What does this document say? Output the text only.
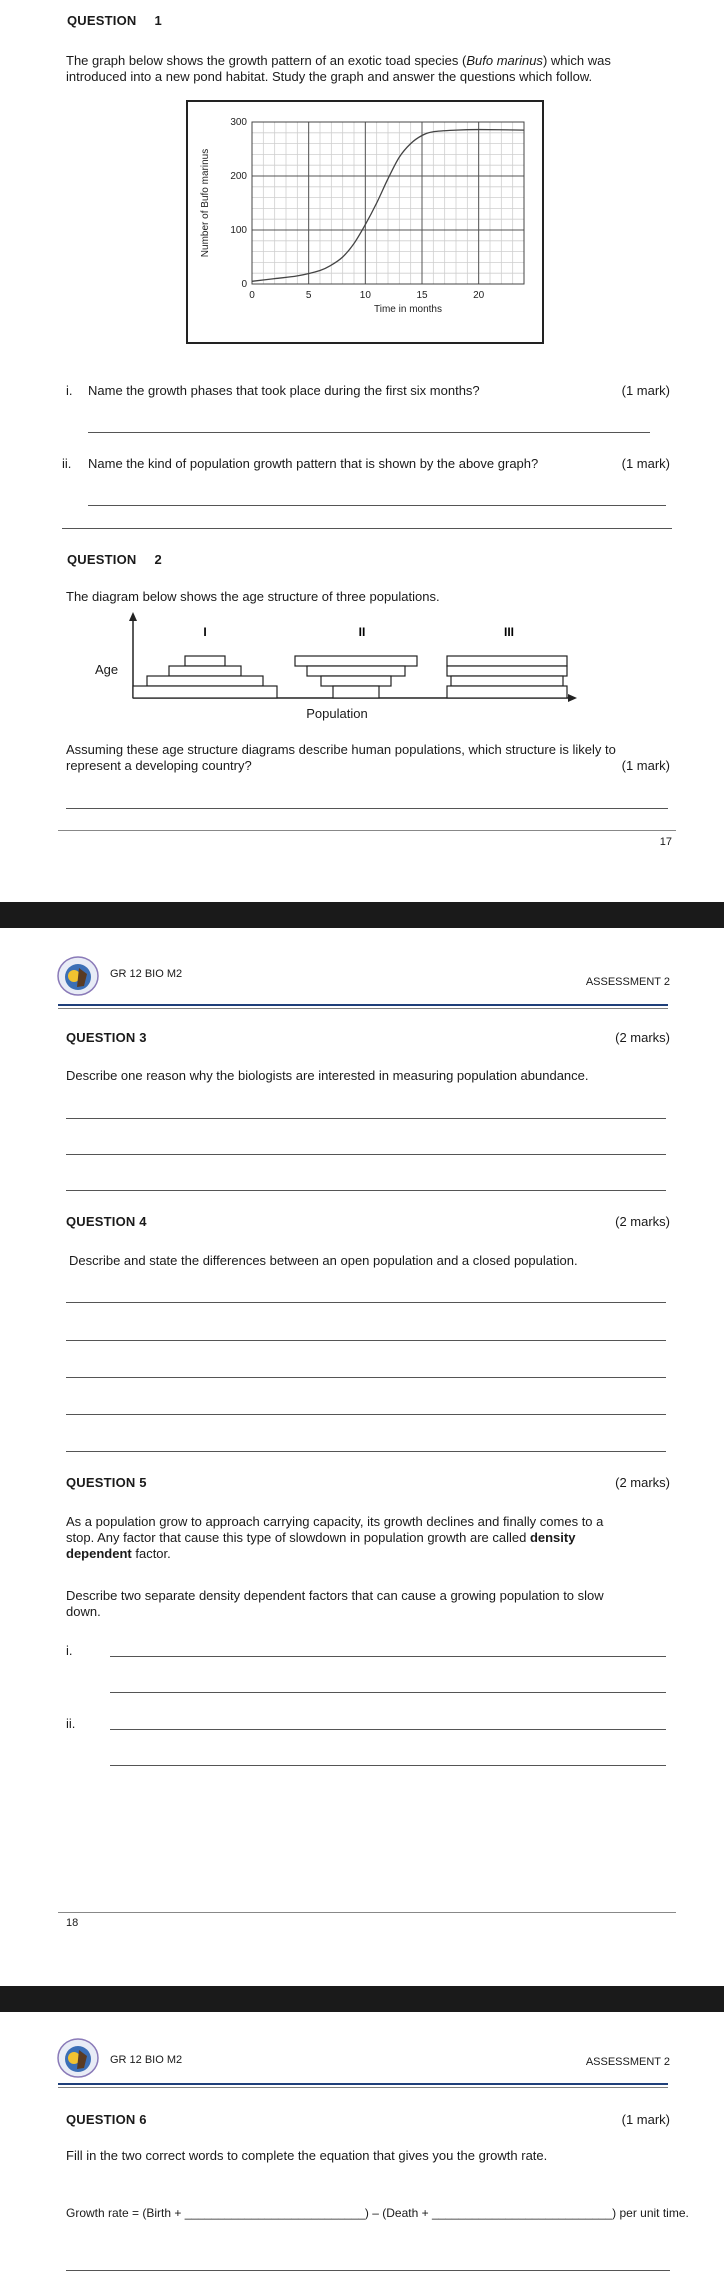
QUESTION 1
The graph below shows the growth pattern of an exotic toad species (Bufo marinus) which was
introduced into a new pond habitat. Study the graph and answer the questions which follow.
0	5	10	15	20
0
100
200
300
Time in months
Number of Bufo marinus
i. Name the growth phases that took place during the first six months?	(1 mark)
ii. Name the kind of population growth pattern that is shown by the above graph?	(1 mark)
QUESTION 2
The diagram below shows the age structure of three populations.
Age
Population
I	II	III
Assuming these age structure diagrams describe human populations, which structure is likely to
represent a developing country?	(1 mark)
17
GR 12 BIO M2
ASSESSMENT 2
QUESTION 3	(2 marks)
Describe one reason why the biologists are interested in measuring population abundance.
QUESTION 4	(2 marks)
Describe and state the differences between an open population and a closed population.
QUESTION 5	(2 marks)
As a population grow to approach carrying capacity, its growth declines and finally comes to a
stop. Any factor that cause this type of slowdown in population growth are called density
dependent factor.
Describe two separate density dependent factors that can cause a growing population to slow
down.
i.
ii.
18
GR 12 BIO M2	ASSESSMENT 2
QUESTION 6	(1 mark)
Fill in the two correct words to complete the equation that gives you the growth rate.
Growth rate = (Birth + ___________________________) – (Death + ___________________________) per unit time.
